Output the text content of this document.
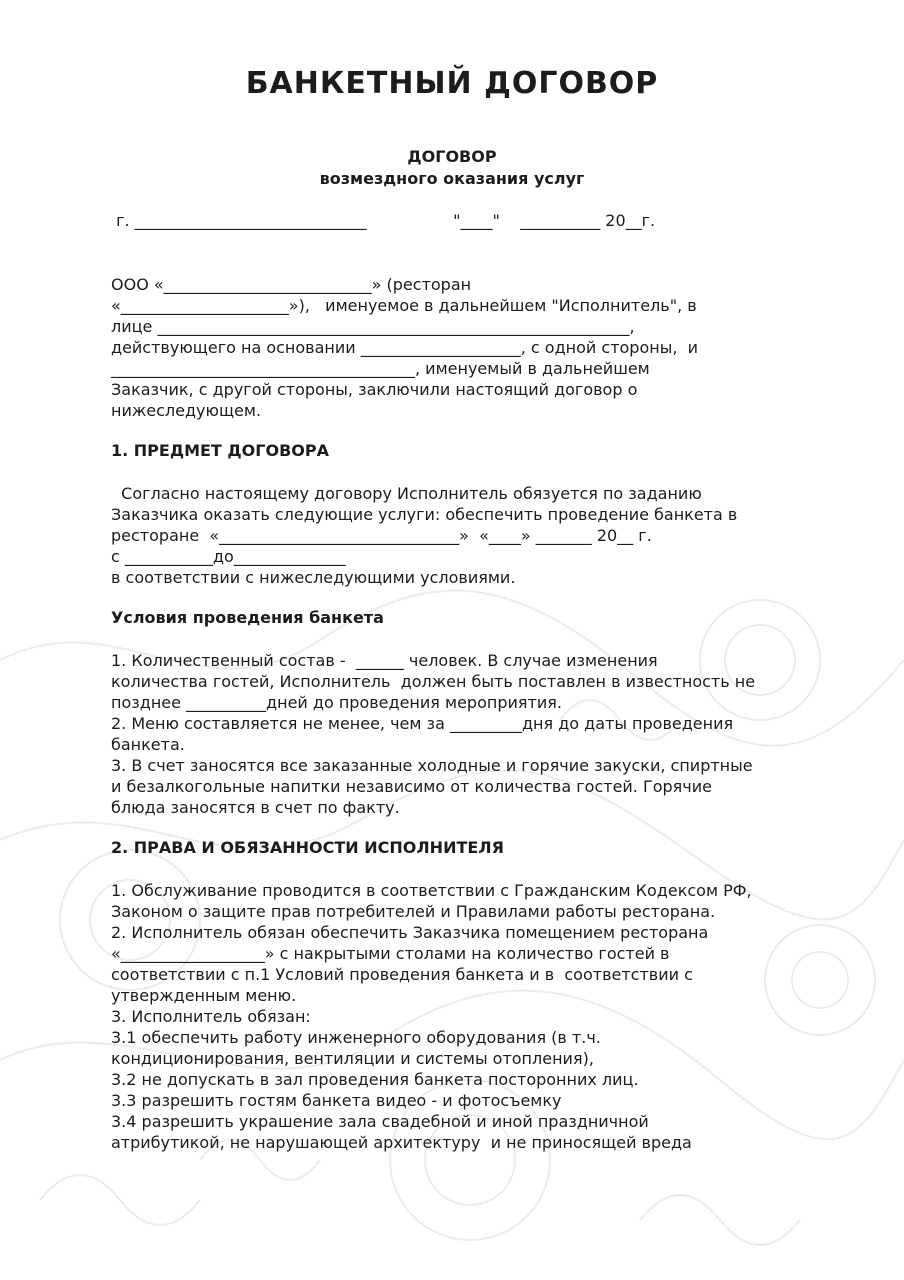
БАНКЕТНЫЙ ДОГОВОР
ДОГОВОР
возмездного оказания услуг
г. _____________________________                 "____"    __________ 20__г.
ООО «__________________________» (ресторан
«_____________________»),   именуемое в дальнейшем "Исполнитель", в
лице ___________________________________________________________,
действующего на основании ____________________, с одной стороны,  и
______________________________________, именуемый в дальнейшем
Заказчик, с другой стороны, заключили настоящий договор о
нижеследующем.
1. ПРЕДМЕТ ДОГОВОРА
Согласно настоящему договору Исполнитель обязуется по заданию
Заказчика оказать следующие услуги: обеспечить проведение банкета в
ресторане  «______________________________»  «____» _______ 20__ г.
с ___________до______________
в соответствии с нижеследующими условиями.
Условия проведения банкета
1. Количественный состав -  ______ человек. В случае изменения
количества гостей, Исполнитель  должен быть поставлен в известность не
позднее __________дней до проведения мероприятия.
2. Меню составляется не менее, чем за _________дня до даты проведения
банкета.
3. В счет заносятся все заказанные холодные и горячие закуски, спиртные
и безалкогольные напитки независимо от количества гостей. Горячие
блюда заносятся в счет по факту.
2. ПРАВА И ОБЯЗАННОСТИ ИСПОЛНИТЕЛЯ
1. Обслуживание проводится в соответствии с Гражданским Кодексом РФ,
Законом о защите прав потребителей и Правилами работы ресторана.
2. Исполнитель обязан обеспечить Заказчика помещением ресторана
«__________________» с накрытыми столами на количество гостей в
соответствии с п.1 Условий проведения банкета и в  соответствии с
утвержденным меню.
3. Исполнитель обязан:
3.1 обеспечить работу инженерного оборудования (в т.ч.
кондиционирования, вентиляции и системы отопления),
3.2 не допускать в зал проведения банкета посторонних лиц.
3.3 разрешить гостям банкета видео - и фотосъемку
3.4 разрешить украшение зала свадебной и иной праздничной
атрибутикой, не нарушающей архитектуру  и не приносящей вреда
